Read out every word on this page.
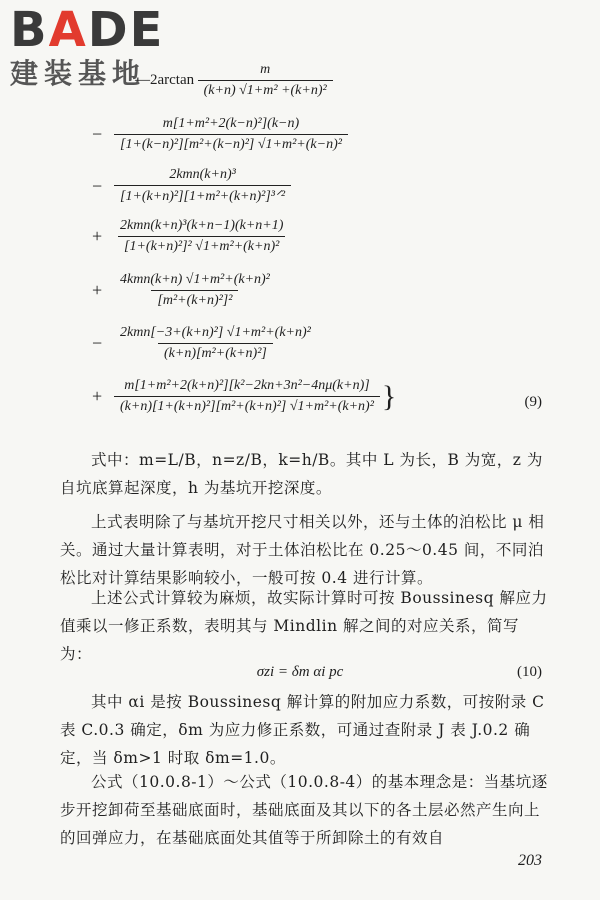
BADE
建装基地
—2arctan $\frac{m}{\text{(k+n) √1+m² +(k+n)²}}$
− $\frac{\text{m[1+m²+2(k−n)²](k−n)}}{\text{[1+(k−n)²][m²+(k−n)²] √1+m²+(k−n)²}}$
− $\frac{\text{2kmn(k+n)³}}{\text{[1+(k+n)²][1+m²+(k+n)²]³ᐟ²}}$
+ $\frac{\text{2kmn(k+n)³(k+n−1)(k+n+1)}}{\text{[1+(k+n)²]² √1+m²+(k+n)²}}$
+ $\frac{\text{4kmn(k+n) √1+m²+(k+n)²}}{\text{[m²+(k+n)²]²}}$
− $\frac{\text{2kmn[−3+(k+n)²] √1+m²+(k+n)²}}{\text{(k+n)[m²+(k+n)²]}}$
+ $\frac{\text{m[1+m²+2(k+n)²][k²−2kn+3n²−4nμ(k+n)]}}{\text{(k+n)[1+(k+n)²][m²+(k+n)²] √1+m²+(k+n)²}}$ }	(9)

式中：m=L/B，n=z/B，k=h/B。其中 L 为长，B 为宽，z 为

自坑底算起深度，h 为基坑开挖深度。

上式表明除了与基坑开挖尺寸相关以外，还与土体的泊松比 μ 相关。通过大量计算表明，对于土体泊松比在 0.25～0.45 间，不同泊松比对计算结果影响较小，一般可按 0.4 进行计算。

上述公式计算较为麻烦，故实际计算时可按 Boussinesq 解应力值乘以一修正系数，表明其与 Mindlin 解之间的对应关系，简写为：

σzi = δm αi pc	(10)

其中 αi 是按 Boussinesq 解计算的附加应力系数，可按附录 C 表 C.0.3 确定，δm 为应力修正系数，可通过查附录 J 表 J.0.2 确定，当 δm>1 时取 δm=1.0。

公式（10.0.8-1）～公式（10.0.8-4）的基本理念是：当基坑逐步开挖卸荷至基础底面时，基础底面及其以下的各土层必然产生向上的回弹应力，在基础底面处其值等于所卸除土的有效自

203
